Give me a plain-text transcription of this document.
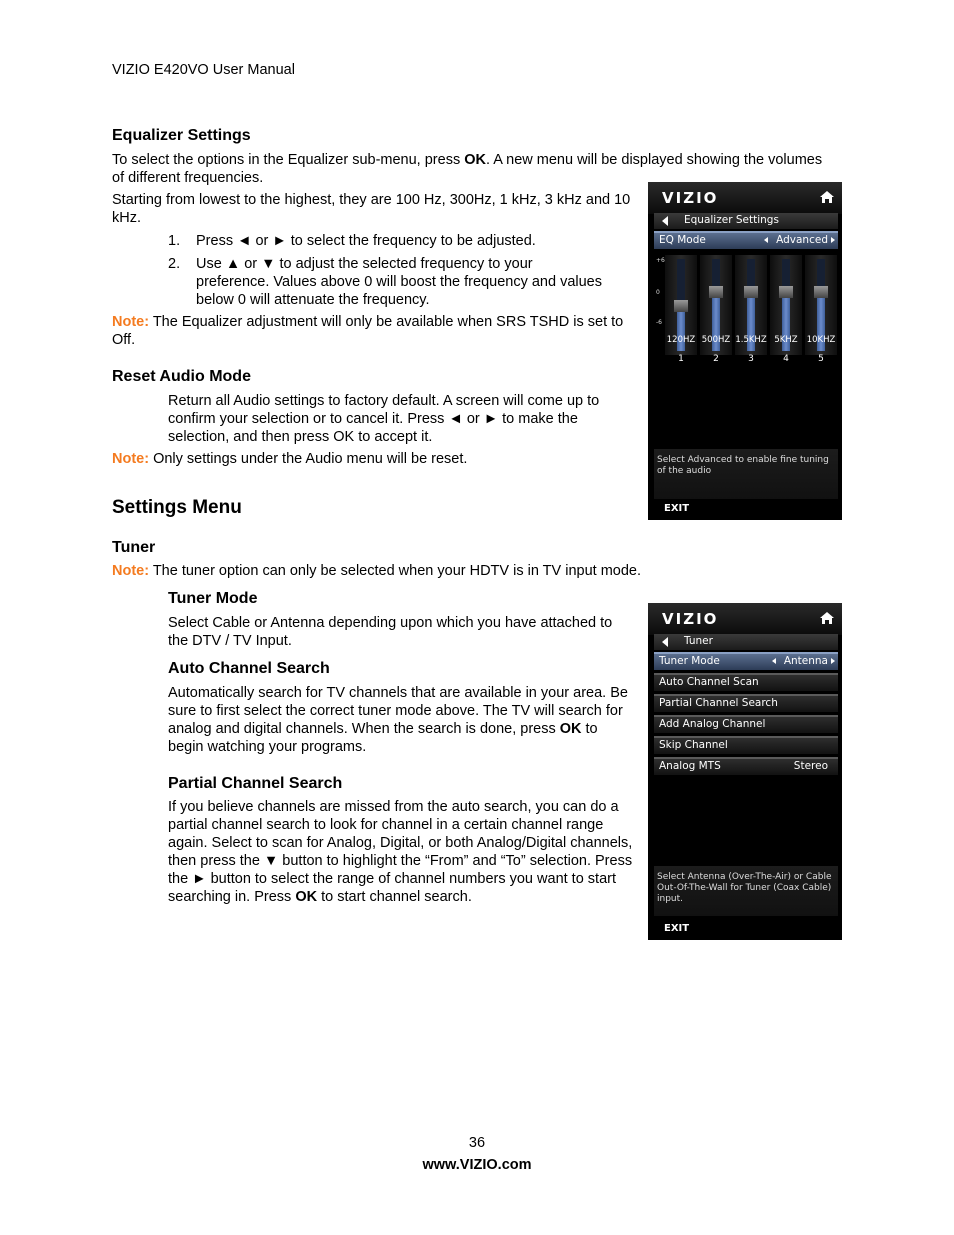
VIZIO E420VO User Manual
Equalizer Settings

To select the options in the Equalizer sub-menu, press OK. A new menu will be displayed showing the volumes of different frequencies.

Starting from lowest to the highest, they are 100 Hz, 300Hz, 1 kHz, 3 kHz and 10 kHz.

1. Press ◄ or ► to select the frequency to be adjusted.
2. Use ▲ or ▼ to adjust the selected frequency to your preference. Values above 0 will boost the frequency and values below 0 will attenuate the frequency.

Note: The Equalizer adjustment will only be available when SRS TSHD is set to Off.

Reset Audio Mode

Return all Audio settings to factory default. A screen will come up to confirm your selection or to cancel it. Press ◄ or ► to make the selection, and then press OK to accept it.

Note: Only settings under the Audio menu will be reset.

Settings Menu
Tuner

Note: The tuner option can only be selected when your HDTV is in TV input mode.

Tuner Mode

Select Cable or Antenna depending upon which you have attached to the DTV / TV Input.

Auto Channel Search

Automatically search for TV channels that are available in your area. Be sure to first select the correct tuner mode above. The TV will search for analog and digital channels. When the search is done, press OK to begin watching your programs.

Partial Channel Search

If you believe channels are missed from the auto search, you can do a partial channel search to look for channel in a certain channel range again. Select to scan for Analog, Digital, or both Analog/Digital channels, then press the ▼ button to highlight the “From” and “To” selection. Press the ► button to select the range of channel numbers you want to start searching in. Press OK to start channel search.

VIZIO
Equalizer Settings
EQ Mode	Advanced
+6
0
-6
120HZ
1
500HZ
2
1.5KHZ
3
5KHZ
4
10KHZ
5
Select Advanced to enable fine tuning of the audio
EXIT
VIZIO
Tuner
Tuner Mode	Antenna
Auto Channel Scan
Partial Channel Search
Add Analog Channel
Skip Channel
Analog MTS	Stereo
Select Antenna (Over-The-Air) or Cable Out-Of-The-Wall for Tuner (Coax Cable) input.
EXIT
36
www.VIZIO.com
